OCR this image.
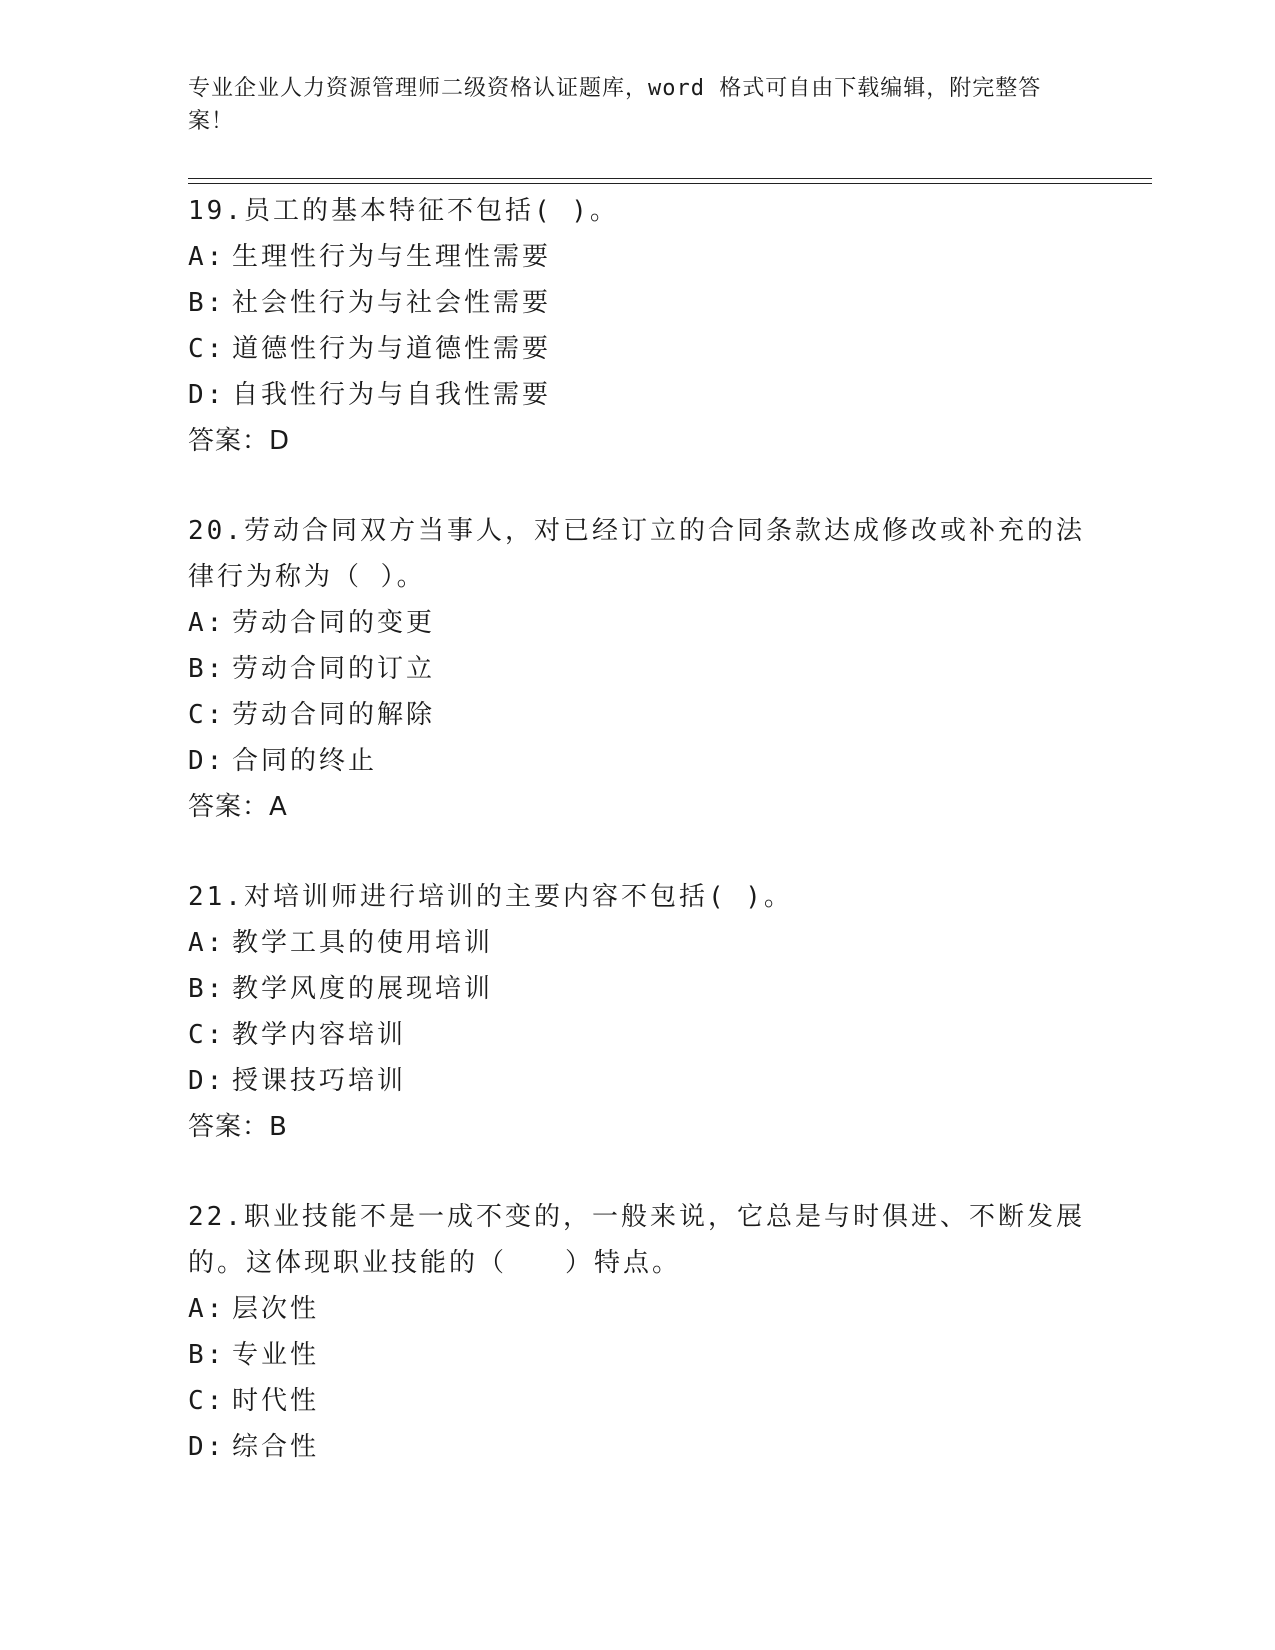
专业企业人力资源管理师二级资格认证题库，word 格式可自由下载编辑，附完整答案！

19.员工的基本特征不包括( )。

A: 生理性行为与生理性需要

B: 社会性行为与社会性需要

C: 道德性行为与道德性需要

D: 自我性行为与自我性需要

答案：D

20.劳动合同双方当事人，对已经订立的合同条款达成修改或补充的法律行为称为（ ）。

A: 劳动合同的变更

B: 劳动合同的订立

C: 劳动合同的解除

D: 合同的终止

答案：A

21.对培训师进行培训的主要内容不包括( )。

A: 教学工具的使用培训

B: 教学风度的展现培训

C: 教学内容培训

D: 授课技巧培训

答案：B

22.职业技能不是一成不变的，一般来说，它总是与时俱进、不断发展的。这体现职业技能的（　　）特点。

A: 层次性

B: 专业性

C: 时代性

D: 综合性
